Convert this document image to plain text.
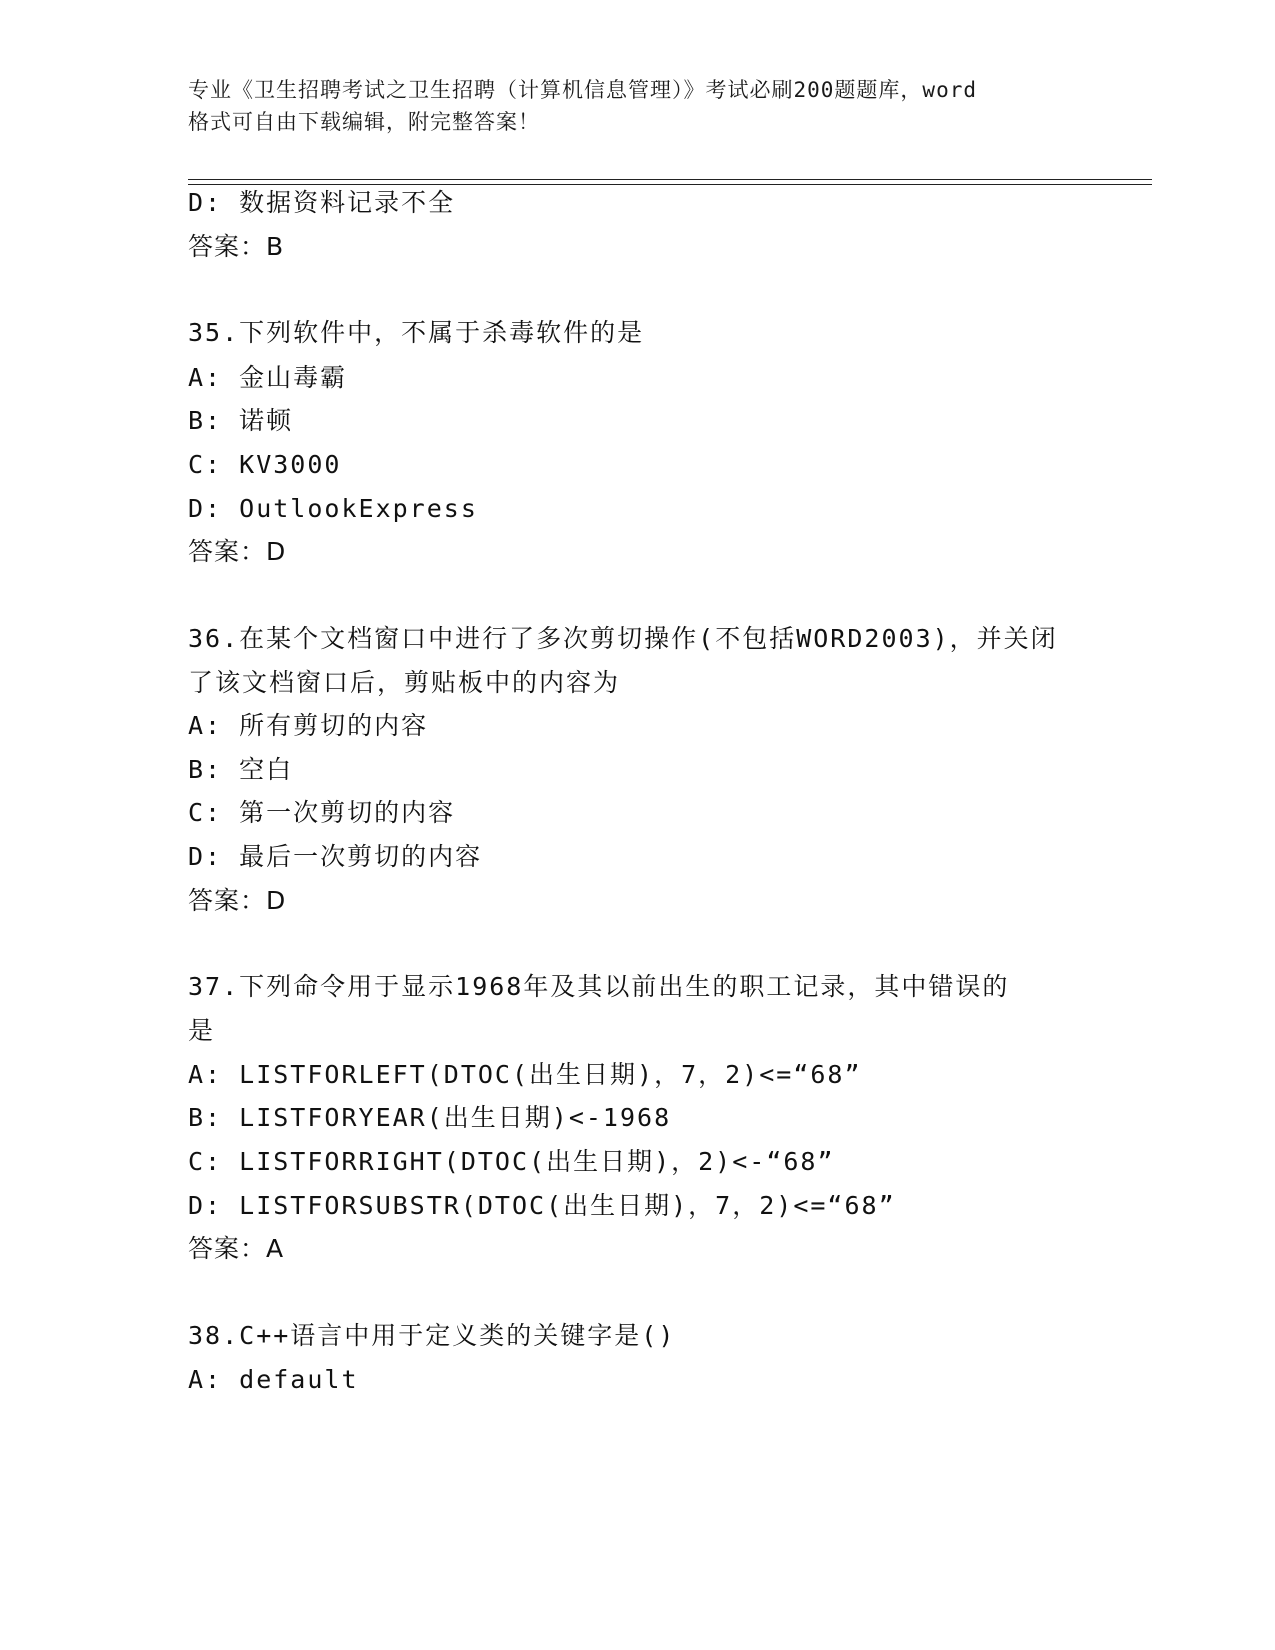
专业《卫生招聘考试之卫生招聘（计算机信息管理）》考试必刷200题题库，word
格式可自由下载编辑，附完整答案！
D: 数据资料记录不全
答案：B
35.下列软件中，不属于杀毒软件的是
A: 金山毒霸
B: 诺顿
C: KV3000
D: OutlookExpress
答案：D
36.在某个文档窗口中进行了多次剪切操作(不包括WORD2003)，并关闭
了该文档窗口后，剪贴板中的内容为
A: 所有剪切的内容
B: 空白
C: 第一次剪切的内容
D: 最后一次剪切的内容
答案：D
37.下列命令用于显示1968年及其以前出生的职工记录，其中错误的
是
A: LISTFORLEFT(DTOC(出生日期)，7，2)<=“68”
B: LISTFORYEAR(出生日期)<-1968
C: LISTFORRIGHT(DTOC(出生日期)，2)<-“68”
D: LISTFORSUBSTR(DTOC(出生日期)，7，2)<=“68”
答案：A
38.C++语言中用于定义类的关键字是()
A: default
